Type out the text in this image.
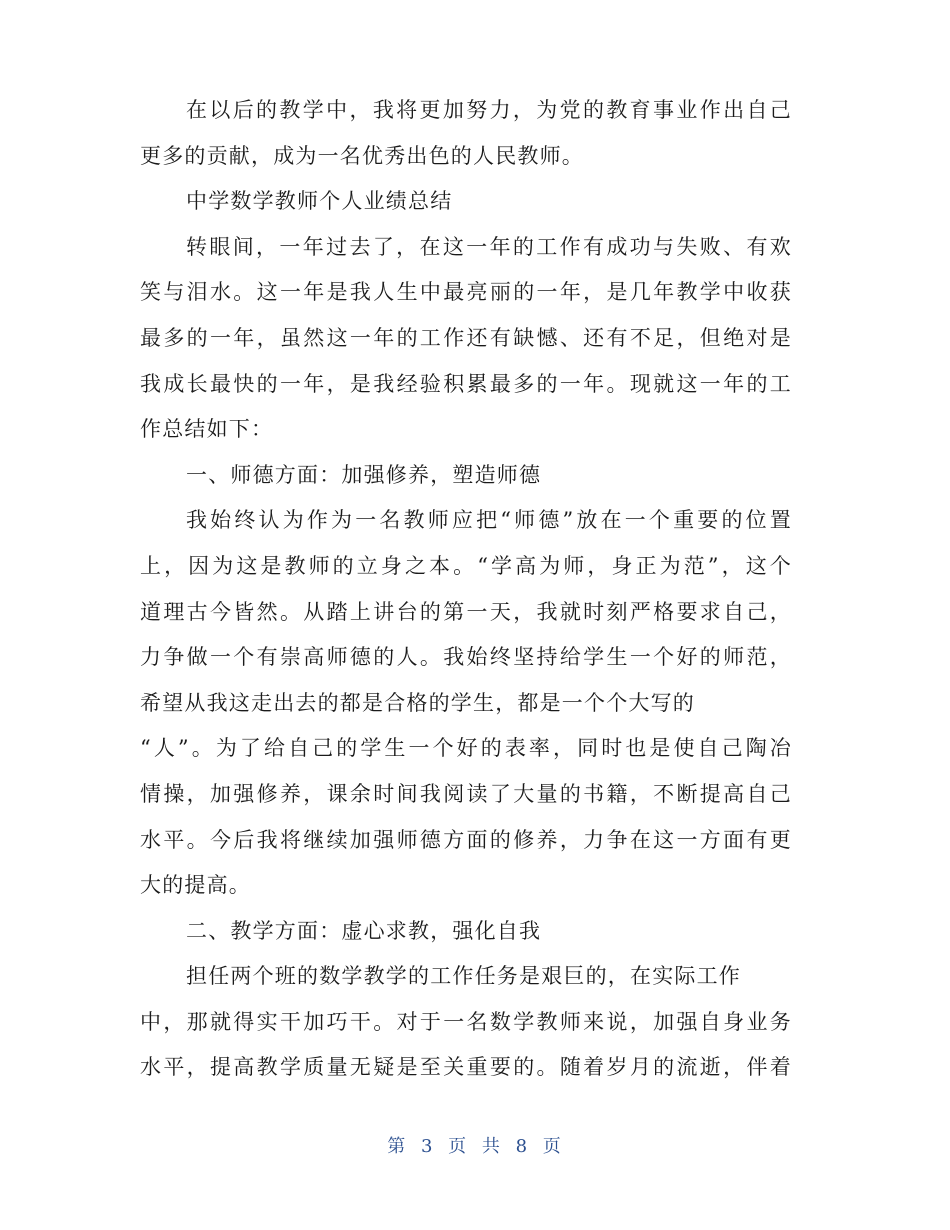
在以后的教学中，我将更加努力，为党的教育事业作出自己
更多的贡献，成为一名优秀出色的人民教师。
中学数学教师个人业绩总结
转眼间，一年过去了，在这一年的工作有成功与失败、有欢
笑与泪水。这一年是我人生中最亮丽的一年，是几年教学中收获
最多的一年，虽然这一年的工作还有缺憾、还有不足，但绝对是
我成长最快的一年，是我经验积累最多的一年。现就这一年的工
作总结如下：
一、师德方面：加强修养，塑造师德
我始终认为作为一名教师应把“师德”放在一个重要的位置
上，因为这是教师的立身之本。“学高为师，身正为范”，这个
道理古今皆然。从踏上讲台的第一天，我就时刻严格要求自己，
力争做一个有崇高师德的人。我始终坚持给学生一个好的师范，
希望从我这走出去的都是合格的学生，都是一个个大写的
“人”。为了给自己的学生一个好的表率，同时也是使自己陶冶
情操，加强修养，课余时间我阅读了大量的书籍，不断提高自己
水平。今后我将继续加强师德方面的修养，力争在这一方面有更
大的提高。
二、教学方面：虚心求教，强化自我
担任两个班的数学教学的工作任务是艰巨的，在实际工作
中，那就得实干加巧干。对于一名数学教师来说，加强自身业务
水平，提高教学质量无疑是至关重要的。随着岁月的流逝，伴着
第 3 页 共 8 页
